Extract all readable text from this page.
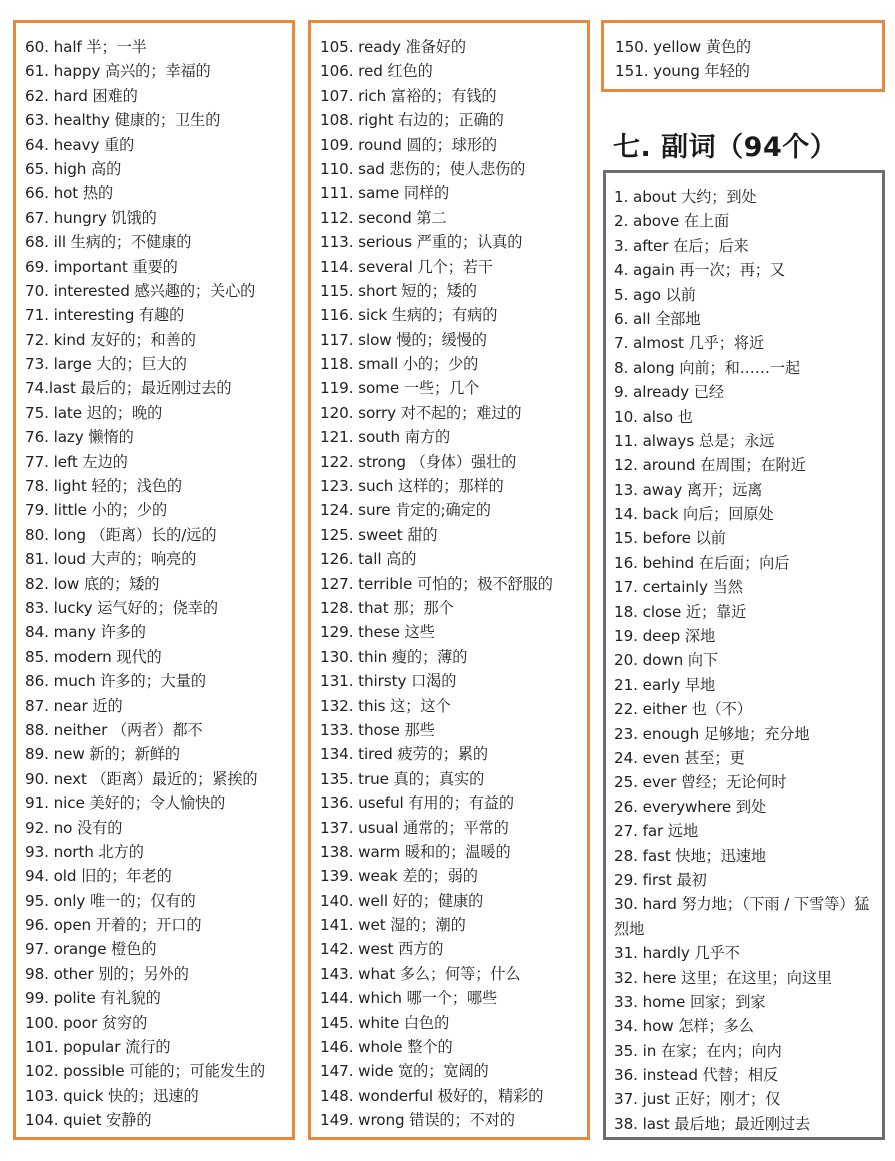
60. half 半；一半
61. happy 高兴的；幸福的
62. hard 困难的
63. healthy 健康的；卫生的
64. heavy 重的
65. high 高的
66. hot 热的
67. hungry 饥饿的
68. ill 生病的；不健康的
69. important 重要的
70. interested 感兴趣的；关心的
71. interesting 有趣的
72. kind 友好的；和善的
73. large 大的；巨大的
74.last 最后的；最近刚过去的
75. late 迟的；晚的
76. lazy 懒惰的
77. left 左边的
78. light 轻的；浅色的
79. little 小的；少的
80. long （距离）长的/远的
81. loud 大声的；响亮的
82. low 底的；矮的
83. lucky 运气好的；侥幸的
84. many 许多的
85. modern 现代的
86. much 许多的；大量的
87. near 近的
88. neither （两者）都不
89. new 新的；新鲜的
90. next （距离）最近的；紧挨的
91. nice 美好的；令人愉快的
92. no 没有的
93. north 北方的
94. old 旧的；年老的
95. only 唯一的；仅有的
96. open 开着的；开口的
97. orange 橙色的
98. other 别的；另外的
99. polite 有礼貌的
100. poor 贫穷的
101. popular 流行的
102. possible 可能的；可能发生的
103. quick 快的；迅速的
104. quiet 安静的
105. ready 准备好的
106. red 红色的
107. rich 富裕的；有钱的
108. right 右边的；正确的
109. round 圆的；球形的
110. sad 悲伤的；使人悲伤的
111. same 同样的
112. second 第二
113. serious 严重的；认真的
114. several 几个；若干
115. short 短的；矮的
116. sick 生病的；有病的
117. slow 慢的；缓慢的
118. small 小的；少的
119. some 一些；几个
120. sorry 对不起的；难过的
121. south 南方的
122. strong （身体）强壮的
123. such 这样的；那样的
124. sure 肯定的;确定的
125. sweet 甜的
126. tall 高的
127. terrible 可怕的；极不舒服的
128. that 那；那个
129. these 这些
130. thin 瘦的；薄的
131. thirsty 口渴的
132. this 这；这个
133. those 那些
134. tired 疲劳的；累的
135. true 真的；真实的
136. useful 有用的；有益的
137. usual 通常的；平常的
138. warm 暖和的；温暖的
139. weak 差的；弱的
140. well 好的；健康的
141. wet 湿的；潮的
142. west 西方的
143. what 多么；何等；什么
144. which 哪一个；哪些
145. white 白色的
146. whole 整个的
147. wide 宽的；宽阔的
148. wonderful 极好的，精彩的
149. wrong 错误的；不对的
150. yellow 黄色的
151. young 年轻的
七. 副词（94个）
1. about 大约；到处
2. above 在上面
3. after 在后；后来
4. again 再一次；再；又
5. ago 以前
6. all 全部地
7. almost 几乎；将近
8. along 向前；和……一起
9. already 已经
10. also 也
11. always 总是；永远
12. around 在周围；在附近
13. away 离开；远离
14. back 向后；回原处
15. before 以前
16. behind 在后面；向后
17. certainly 当然
18. close 近；靠近
19. deep 深地
20. down 向下
21. early 早地
22. either 也（不）
23. enough 足够地；充分地
24. even 甚至；更
25. ever 曾经；无论何时
26. everywhere 到处
27. far 远地
28. fast 快地；迅速地
29. first 最初
30. hard 努力地；（下雨 / 下雪等）猛烈地
31. hardly 几乎不
32. here 这里；在这里；向这里
33. home 回家；到家
34. how 怎样；多么
35. in 在家；在内；向内
36. instead 代替；相反
37. just 正好；刚才；仅
38. last 最后地；最近刚过去
